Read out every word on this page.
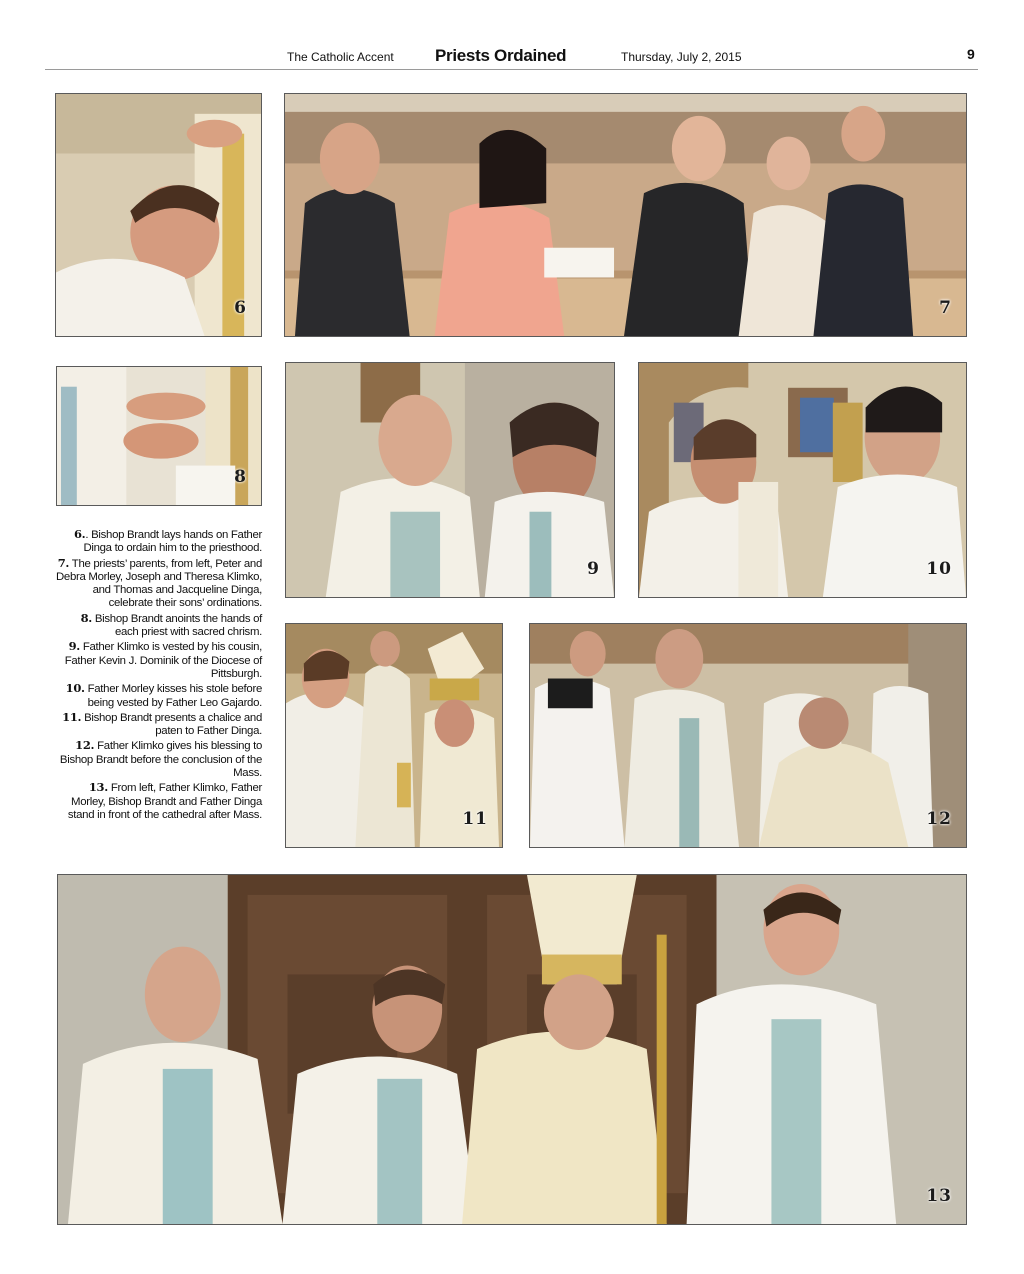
The Catholic Accent Priests Ordained	Thursday, July 2, 2015	9
6	7
8
9	10
11	12
13

6.. Bishop Brandt lays hands on Father Dinga to ordain him to the priesthood.

7. The priests’ parents, from left, Peter and Debra Morley, Joseph and Theresa Klimko, and Thomas and Jacqueline Dinga, celebrate their sons’ ordinations.

8. Bishop Brandt anoints the hands of each priest with sacred chrism.

9. Father Klimko is vested by his cousin, Father Kevin J. Dominik of the Diocese of Pittsburgh.

10. Father Morley kisses his stole before being vested by Father Leo Gajardo.

11. Bishop Brandt presents a chalice and paten to Father Dinga.

12. Father Klimko gives his blessing to Bishop Brandt before the conclusion of the Mass.

13. From left, Father Klimko, Father Morley, Bishop Brandt and Father Dinga stand in front of the cathedral after Mass.
